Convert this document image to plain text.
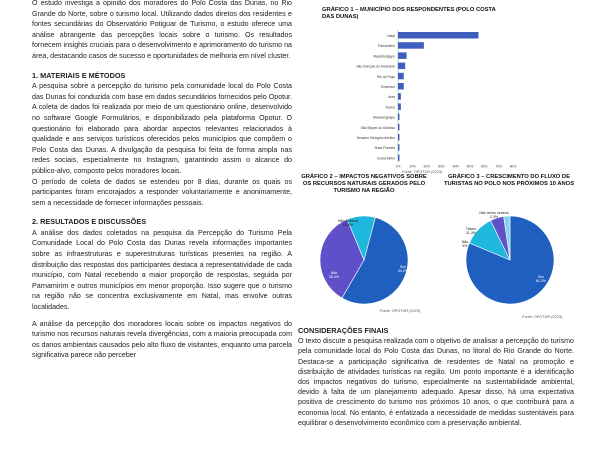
O estudo investiga a opinião dos moradores do Polo Costa das Dunas, no Rio Grande do Norte, sobre o turismo local. Utilizando dados diretos dos residentes e fontes secundárias do Observatório Potiguar de Turismo, o estudo oferece uma análise abrangente das percepções locais sobre o turismo. Os resultados fornecem insights cruciais para o desenvolvimento e aprimoramento do turismo na área, destacando casos de sucesso e oportunidades de melhoria em nível cluster.

1. MATERIAIS E MÉTODOS

A pesquisa sobre a percepção do turismo pela comunidade local do Polo Costa das Dunas foi conduzida com base em dados secundários fornecidos pelo Opotur. A coleta de dados foi realizada por meio de um questionário online, desenvolvido no software Google Formulários, e disponibilizado pela plataforma Opotur. O questionário foi elaborado para abordar aspectos relevantes relacionados à qualidade e aos serviços turísticos oferecidos pelos municípios que compõem o Polo Costa das Dunas. A divulgação da pesquisa foi feita de forma ampla nas redes sociais, especialmente no Instagram, garantindo assim o alcance do público-alvo, composto pelos moradores locais.

O período de coleta de dados se estendeu por 8 dias, durante os quais os participantes foram encorajados a responder voluntariamente e anonimamente, sem a necessidade de fornecer informações pessoais.

2. RESULTADOS E DISCUSSÕES

A análise dos dados coletados na pesquisa da Percepção do Turismo Pela Comunidade Local do Polo Costa das Dunas revela informações importantes sobre as infraestruturas e superestruturas turísticas presentes na região. A distribuição das respostas dos participantes destaca a representatividade de cada município, com Natal recebendo a maior proporção de respostas, seguida por Parnamirim e outros municípios em menor proporção. Isso sugere que o turismo na região não se concentra exclusivamente em Natal, mas envolve outras localidades.

A análise da percepção dos moradores locais sobre os impactos negativos do turismo nos recursos naturais revela divergências, com a maioria preocupada com os danos ambientais causados pelo alto fluxo de visitantes, enquanto uma parcela significativa parece não perceber

GRÁFICO 1 – MUNICÍPIO DOS RESPONDENTES (POLO COSTA DAS DUNAS)
Natal
Parnamirim
Macaíba/Igapó
São Gonçalo do Amarante
Rio do Fogo
Extremoz
Ares
Touros
Maxaranguape
São Miguel do Gostoso
Senador Georgino Avelino
Nísia Floresta
Ceará-Mirim
0%	10% 20% 30% 40% 50% 60% 70% 80%
Fonte: OPOTUR (2023)
GRÁFICO 2 – IMPACTOS NEGATIVOS SOBRE OS RECURSOS NATURAIS GERADOS PELO TURISMO NA REGIÃO
Sim
54,2%
Não
35,4%
Não Saberia
10,4%
Fonte: OPOTUR (2023)
GRÁFICO 3 – CRESCIMENTO DO FLUXO DE TURISTAS NO POLO NOS PRÓXIMOS 10 ANOS
Sim
81,3%
Talvez
11,4%
Não
5%
Não tenho certeza
2,3%
Fonte: OPOTUR (2023)

CONSIDERAÇÕES FINAIS

O texto discute a pesquisa realizada com o objetivo de analisar a percepção do turismo pela comunidade local do Polo Costa das Dunas, no litoral do Rio Grande do Norte. Destaca-se a participação significativa de residentes de Natal na promoção e distribuição de atividades turísticas na região. Um ponto importante é a identificação dos impactos negativos do turismo, especialmente na sustentabilidade ambiental, devido à falta de um planejamento adequado. Apesar disso, há uma expectativa positiva de crescimento do turismo nos próximos 10 anos, o que contribuirá para a economia local. No entanto, é enfatizada a necessidade de medidas sustentáveis para equilibrar o desenvolvimento econômico com a preservação ambiental.
